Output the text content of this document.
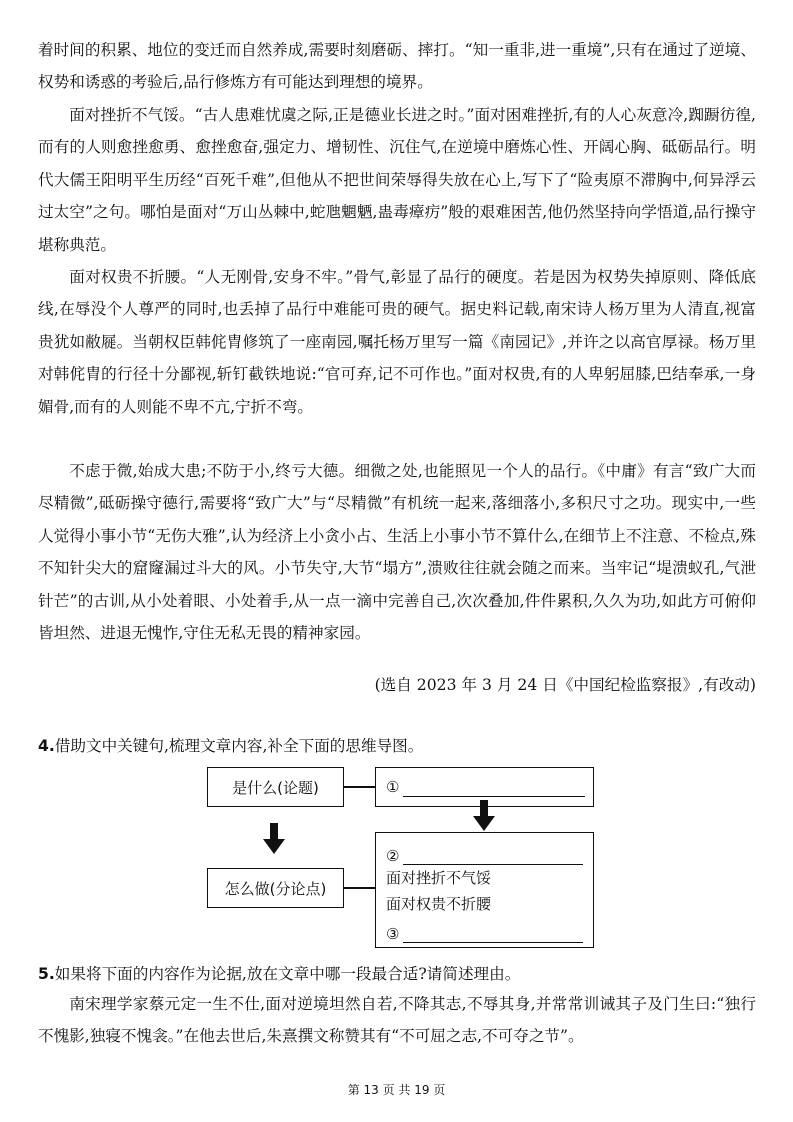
着时间的积累、地位的变迁而自然养成,需要时刻磨砺、摔打。“知一重非,进一重境”,只有在通过了逆境、权势和诱惑的考验后,品行修炼方有可能达到理想的境界。

面对挫折不气馁。“古人患难忧虞之际,正是德业长进之时。”面对困难挫折,有的人心灰意冷,踟蹰彷徨,而有的人则愈挫愈勇、愈挫愈奋,强定力、增韧性、沉住气,在逆境中磨炼心性、开阔心胸、砥砺品行。明代大儒王阳明平生历经“百死千难”,但他从不把世间荣辱得失放在心上,写下了“险夷原不滞胸中,何异浮云过太空”之句。哪怕是面对“万山丛棘中,蛇虺魍魉,蛊毒瘴疠”般的艰难困苦,他仍然坚持向学悟道,品行操守堪称典范。

面对权贵不折腰。“人无刚骨,安身不牢。”骨气,彰显了品行的硬度。若是因为权势失掉原则、降低底线,在辱没个人尊严的同时,也丢掉了品行中难能可贵的硬气。据史料记载,南宋诗人杨万里为人清直,视富贵犹如敝屣。当朝权臣韩侂胄修筑了一座南园,嘱托杨万里写一篇《南园记》,并许之以高官厚禄。杨万里对韩侂胄的行径十分鄙视,斩钉截铁地说:“官可弃,记不可作也。”面对权贵,有的人卑躬屈膝,巴结奉承,一身媚骨,而有的人则能不卑不亢,宁折不弯。

不虑于微,始成大患;不防于小,终亏大德。细微之处,也能照见一个人的品行。《中庸》有言“致广大而尽精微”,砥砺操守德行,需要将“致广大”与“尽精微”有机统一起来,落细落小,多积尺寸之功。现实中,一些人觉得小事小节“无伤大雅”,认为经济上小贪小占、生活上小事小节不算什么,在细节上不注意、不检点,殊不知针尖大的窟窿漏过斗大的风。小节失守,大节“塌方”,溃败往往就会随之而来。当牢记“堤溃蚁孔,气泄针芒”的古训,从小处着眼、小处着手,从一点一滴中完善自己,次次叠加,件件累积,久久为功,如此方可俯仰皆坦然、进退无愧怍,守住无私无畏的精神家园。

(选自 2023 年 3 月 24 日《中国纪检监察报》,有改动)

4.借助文中关键句,梳理文章内容,补全下面的思维导图。

是什么(论题)	①
怎么做(分论点)
②
面对挫折不气馁
面对权贵不折腰
③

5.如果将下面的内容作为论据,放在文章中哪一段最合适?请简述理由。

南宋理学家蔡元定一生不仕,面对逆境坦然自若,不降其志,不辱其身,并常常训诫其子及门生曰:“独行不愧影,独寝不愧衾。”在他去世后,朱熹撰文称赞其有“不可屈之志,不可夺之节”。

第 13 页 共 19 页
